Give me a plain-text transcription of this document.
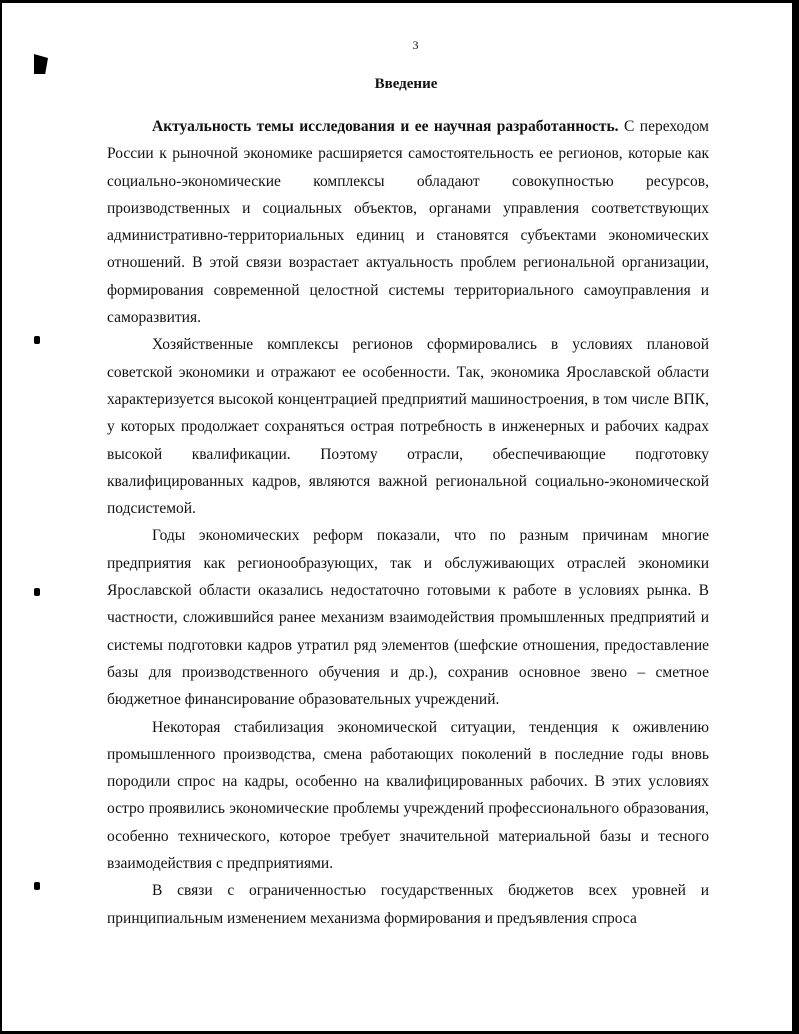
3
Введение

Актуальность темы исследования и ее научная разработанность. С переходом России к рыночной экономике расширяется самостоятельность ее регионов, которые как социально-экономические комплексы обладают совокупностью ресурсов, производственных и социальных объектов, органами управления соответствующих административно-территориальных единиц и становятся субъектами экономических отношений. В этой связи возрастает актуальность проблем региональной организации, формирования современной целостной системы территориального самоуправления и саморазвития.

Хозяйственные комплексы регионов сформировались в условиях плановой советской экономики и отражают ее особенности. Так, экономика Ярославской области характеризуется высокой концентрацией предприятий машиностроения, в том числе ВПК, у которых продолжает сохраняться острая потребность в инженерных и рабочих кадрах высокой квалификации. Поэтому отрасли, обеспечивающие подготовку квалифицированных кадров, являются важной региональной социально-экономической подсистемой.

Годы экономических реформ показали, что по разным причинам многие предприятия как регионообразующих, так и обслуживающих отраслей экономики Ярославской области оказались недостаточно готовыми к работе в условиях рынка. В частности, сложившийся ранее механизм взаимодействия промышленных предприятий и системы подготовки кадров утратил ряд элементов (шефские отношения, предоставление базы для производственного обучения и др.), сохранив основное звено – сметное бюджетное финансирование образовательных учреждений.

Некоторая стабилизация экономической ситуации, тенденция к оживлению промышленного производства, смена работающих поколений в последние годы вновь породили спрос на кадры, особенно на квалифицированных рабочих. В этих условиях остро проявились экономические проблемы учреждений профессионального образования, особенно технического, которое требует значительной материальной базы и тесного взаимодействия с предприятиями.

В связи с ограниченностью государственных бюджетов всех уровней и принципиальным изменением механизма формирования и предъявления спроса
